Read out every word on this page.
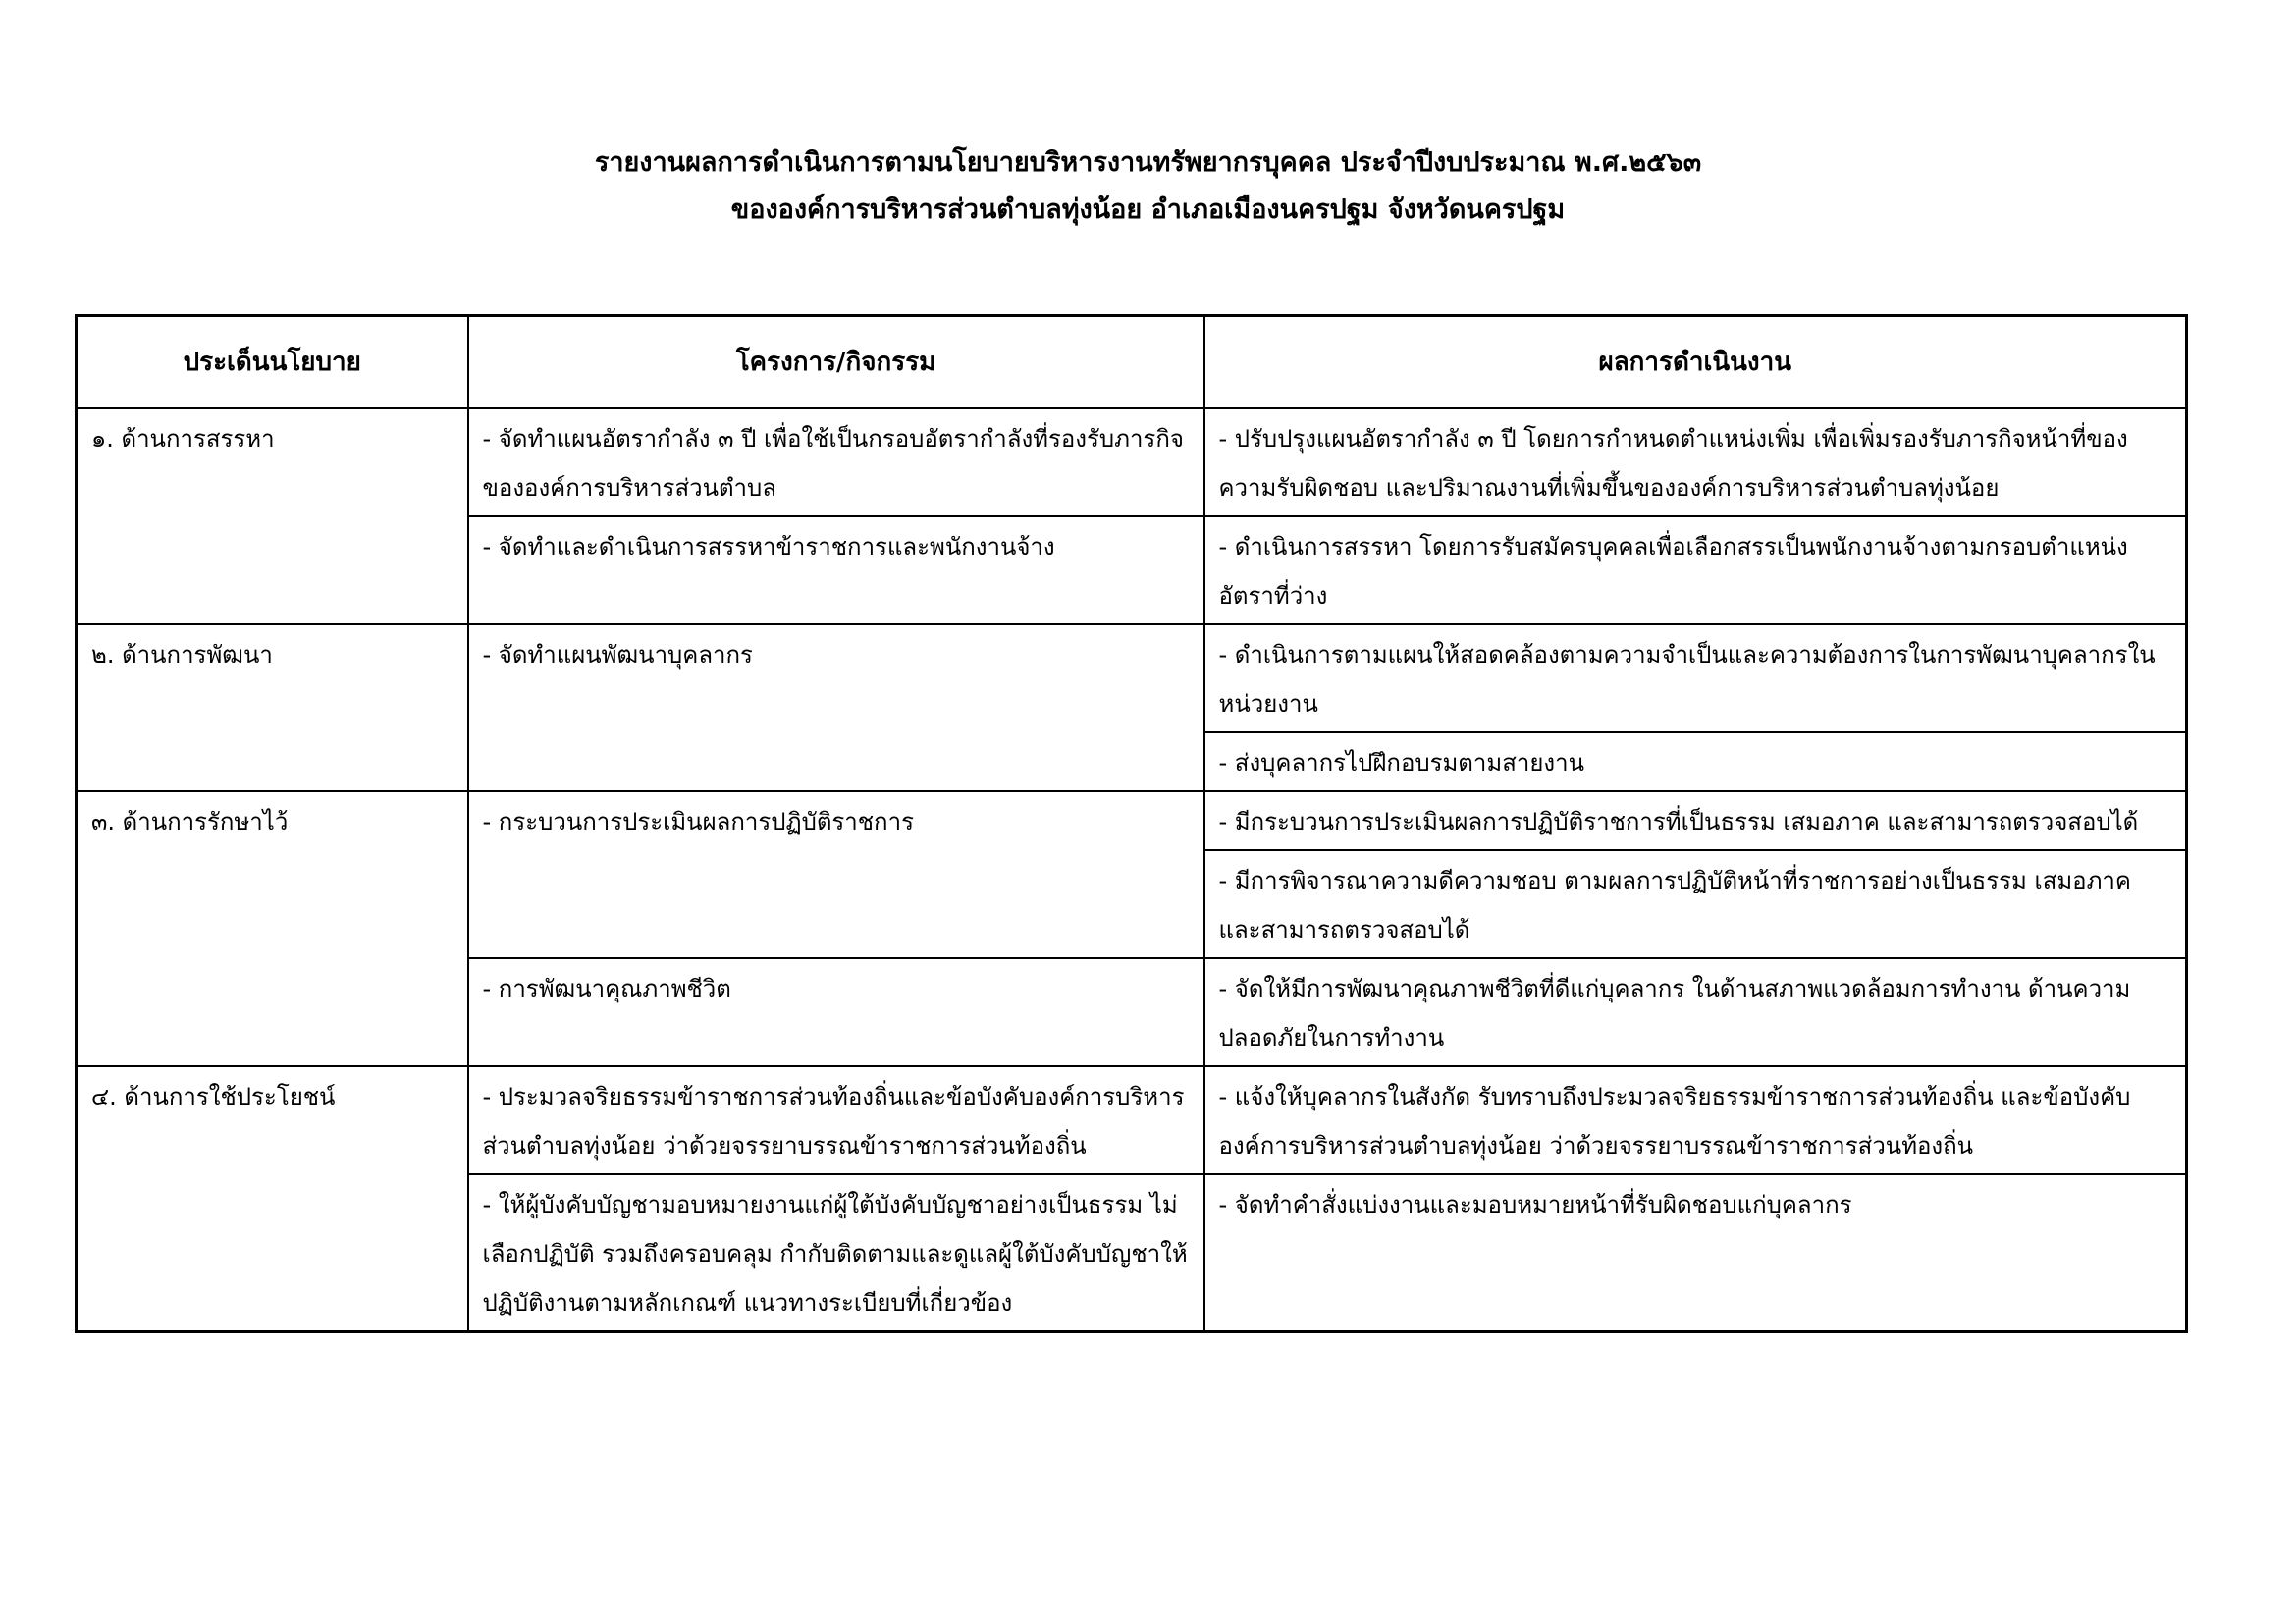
รายงานผลการดำเนินการตามนโยบายบริหารงานทรัพยากรบุคคล ประจำปีงบประมาณ พ.ศ.๒๕๖๓
ขององค์การบริหารส่วนตำบลทุ่งน้อย อำเภอเมืองนครปฐม จังหวัดนครปฐม
ประเด็นนโยบาย	โครงการ/กิจกรรม	ผลการดำเนินงาน
๑. ด้านการสรรหา	- จัดทำแผนอัตรากำลัง ๓ ปี เพื่อใช้เป็นกรอบอัตรากำลังที่รองรับภารกิจขององค์การบริหารส่วนตำบล	- ปรับปรุงแผนอัตรากำลัง ๓ ปี โดยการกำหนดตำแหน่งเพิ่ม เพื่อเพิ่มรองรับภารกิจหน้าที่ของความรับผิดชอบ และปริมาณงานที่เพิ่มขึ้นขององค์การบริหารส่วนตำบลทุ่งน้อย
	- จัดทำและดำเนินการสรรหาข้าราชการและพนักงานจ้าง	- ดำเนินการสรรหา โดยการรับสมัครบุคคลเพื่อเลือกสรรเป็นพนักงานจ้างตามกรอบตำแหน่งอัตราที่ว่าง
๒. ด้านการพัฒนา	- จัดทำแผนพัฒนาบุคลากร	- ดำเนินการตามแผนให้สอดคล้องตามความจำเป็นและความต้องการในการพัฒนาบุคลากรในหน่วยงาน
		- ส่งบุคลากรไปฝึกอบรมตามสายงาน
๓. ด้านการรักษาไว้	- กระบวนการประเมินผลการปฏิบัติราชการ	- มีกระบวนการประเมินผลการปฏิบัติราชการที่เป็นธรรม เสมอภาค และสามารถตรวจสอบได้
		- มีการพิจารณาความดีความชอบ ตามผลการปฏิบัติหน้าที่ราชการอย่างเป็นธรรม เสมอภาค และสามารถตรวจสอบได้
	- การพัฒนาคุณภาพชีวิต	- จัดให้มีการพัฒนาคุณภาพชีวิตที่ดีแก่บุคลากร ในด้านสภาพแวดล้อมการทำงาน ด้านความปลอดภัยในการทำงาน
๔. ด้านการใช้ประโยชน์	- ประมวลจริยธรรมข้าราชการส่วนท้องถิ่นและข้อบังคับองค์การบริหารส่วนตำบลทุ่งน้อย ว่าด้วยจรรยาบรรณข้าราชการส่วนท้องถิ่น	- แจ้งให้บุคลากรในสังกัด รับทราบถึงประมวลจริยธรรมข้าราชการส่วนท้องถิ่น และข้อบังคับองค์การบริหารส่วนตำบลทุ่งน้อย ว่าด้วยจรรยาบรรณข้าราชการส่วนท้องถิ่น
	- ให้ผู้บังคับบัญชามอบหมายงานแก่ผู้ใต้บังคับบัญชาอย่างเป็นธรรม ไม่เลือกปฏิบัติ รวมถึงครอบคลุม กำกับติดตามและดูแลผู้ใต้บังคับบัญชาให้ปฏิบัติงานตามหลักเกณฑ์ แนวทางระเบียบที่เกี่ยวข้อง	- จัดทำคำสั่งแบ่งงานและมอบหมายหน้าที่รับผิดชอบแก่บุคลากร
